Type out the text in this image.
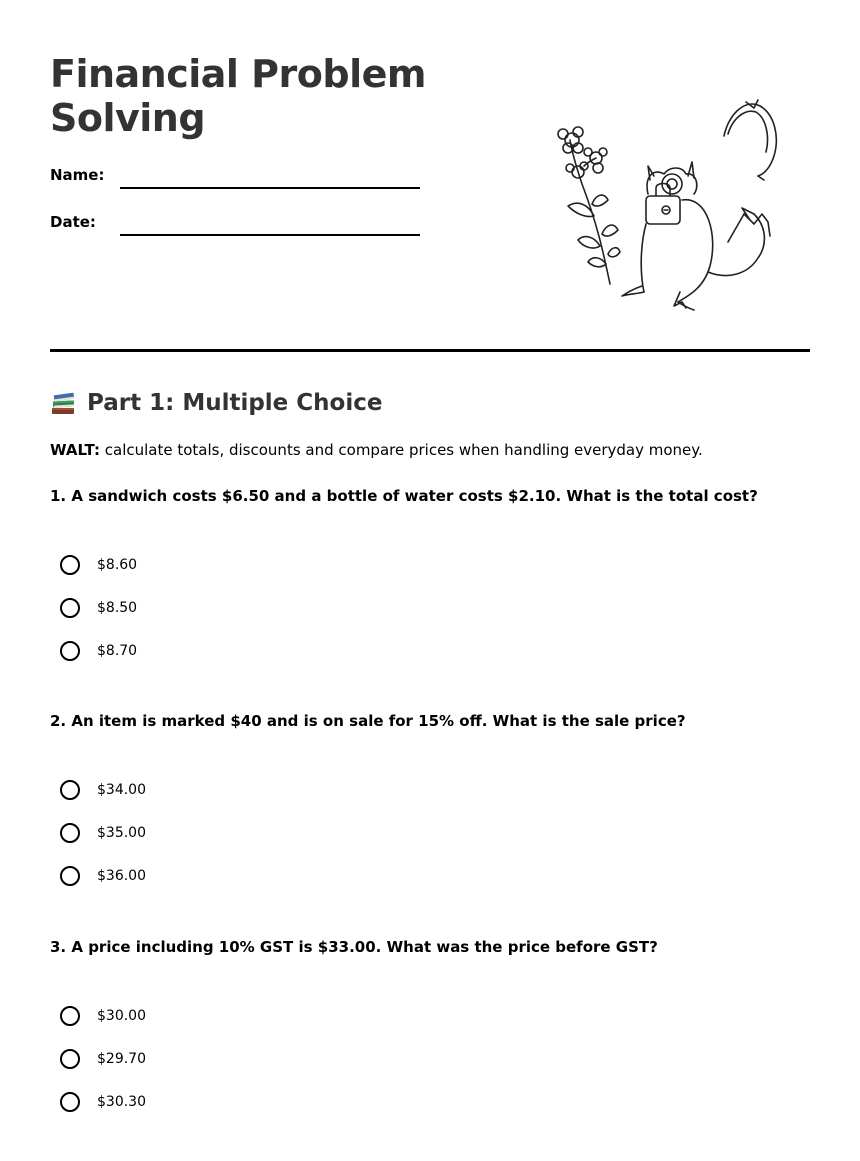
Financial Problem
Solving
Name:
Date:
Part 1: Multiple Choice
WALT: calculate totals, discounts and compare prices when handling everyday money.
1. A sandwich costs $6.50 and a bottle of water costs $2.10. What is the total cost?
$8.60
$8.50
$8.70
2. An item is marked $40 and is on sale for 15% off. What is the sale price?
$34.00
$35.00
$36.00
3. A price including 10% GST is $33.00. What was the price before GST?
$30.00
$29.70
$30.30
